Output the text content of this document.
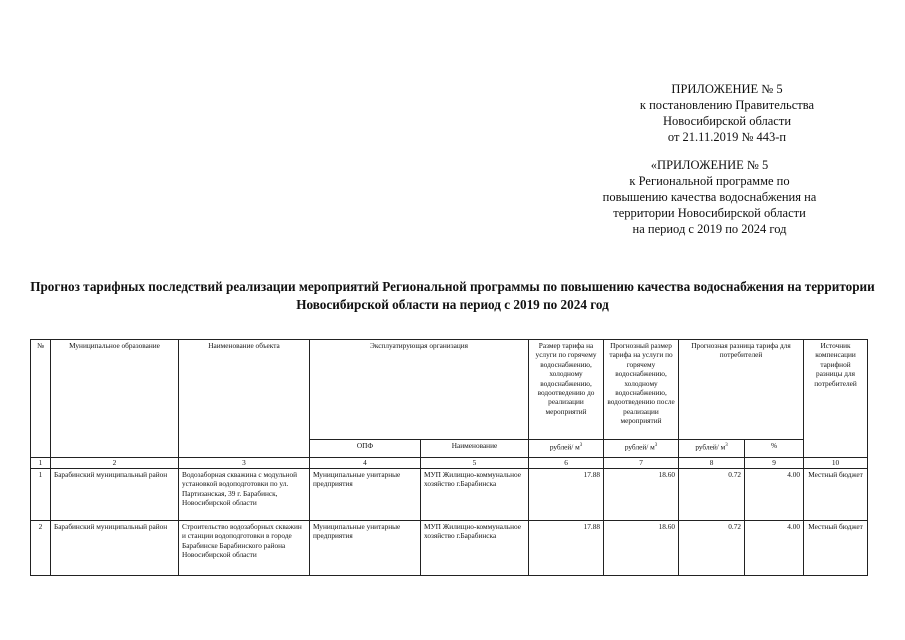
ПРИЛОЖЕНИЕ № 5
к постановлению Правительства
Новосибирской области
от 21.11.2019 № 443-п
«ПРИЛОЖЕНИЕ № 5
к Региональной программе по
повышению качества водоснабжения на
территории Новосибирской области
на период с 2019 по 2024 год
Прогноз тарифных последствий реализации мероприятий Региональной программы по повышению качества водоснабжения на территории Новосибирской области на период с 2019 по 2024 год
№	Муниципальное образование	Наименование объекта	Эксплуатирующая организация		Размер тарифа на услуги по горячему водоснабжению, холодному водоснабжению, водоотведению до реализации мероприятий	Прогнозный размер тарифа на услуги по горячему водоснабжению, холодному водоснабжению, водоотведению после реализации мероприятий	Прогнозная разница тарифа для потребителей		Источник компенсации тарифной разницы для потребителей
			ОПФ	Наименование	рублей/ $м^3$	рублей/ $м^3$	рублей/ $м^3$	%	
1	2	3	4	5	6	7	8	9	10
1	Барабинский муниципальный район	Водозаборная скважина с модульной установкой водоподготовки по ул. Партизанская, 39 г. Барабинск, Новосибирской области	Муниципальные унитарные предприятия	МУП Жилищно-коммунальное хозяйство г.Барабинска	17.88	18.60	0.72	4.00	Местный бюджет
2	Барабинский муниципальный район	Строительство водозаборных скважин и станции водоподготовки в городе Барабинске Барабинского района Новосибирской области	Муниципальные унитарные предприятия	МУП Жилищно-коммунальное хозяйство г.Барабинска	17.88	18.60	0.72	4.00	Местный бюджет
